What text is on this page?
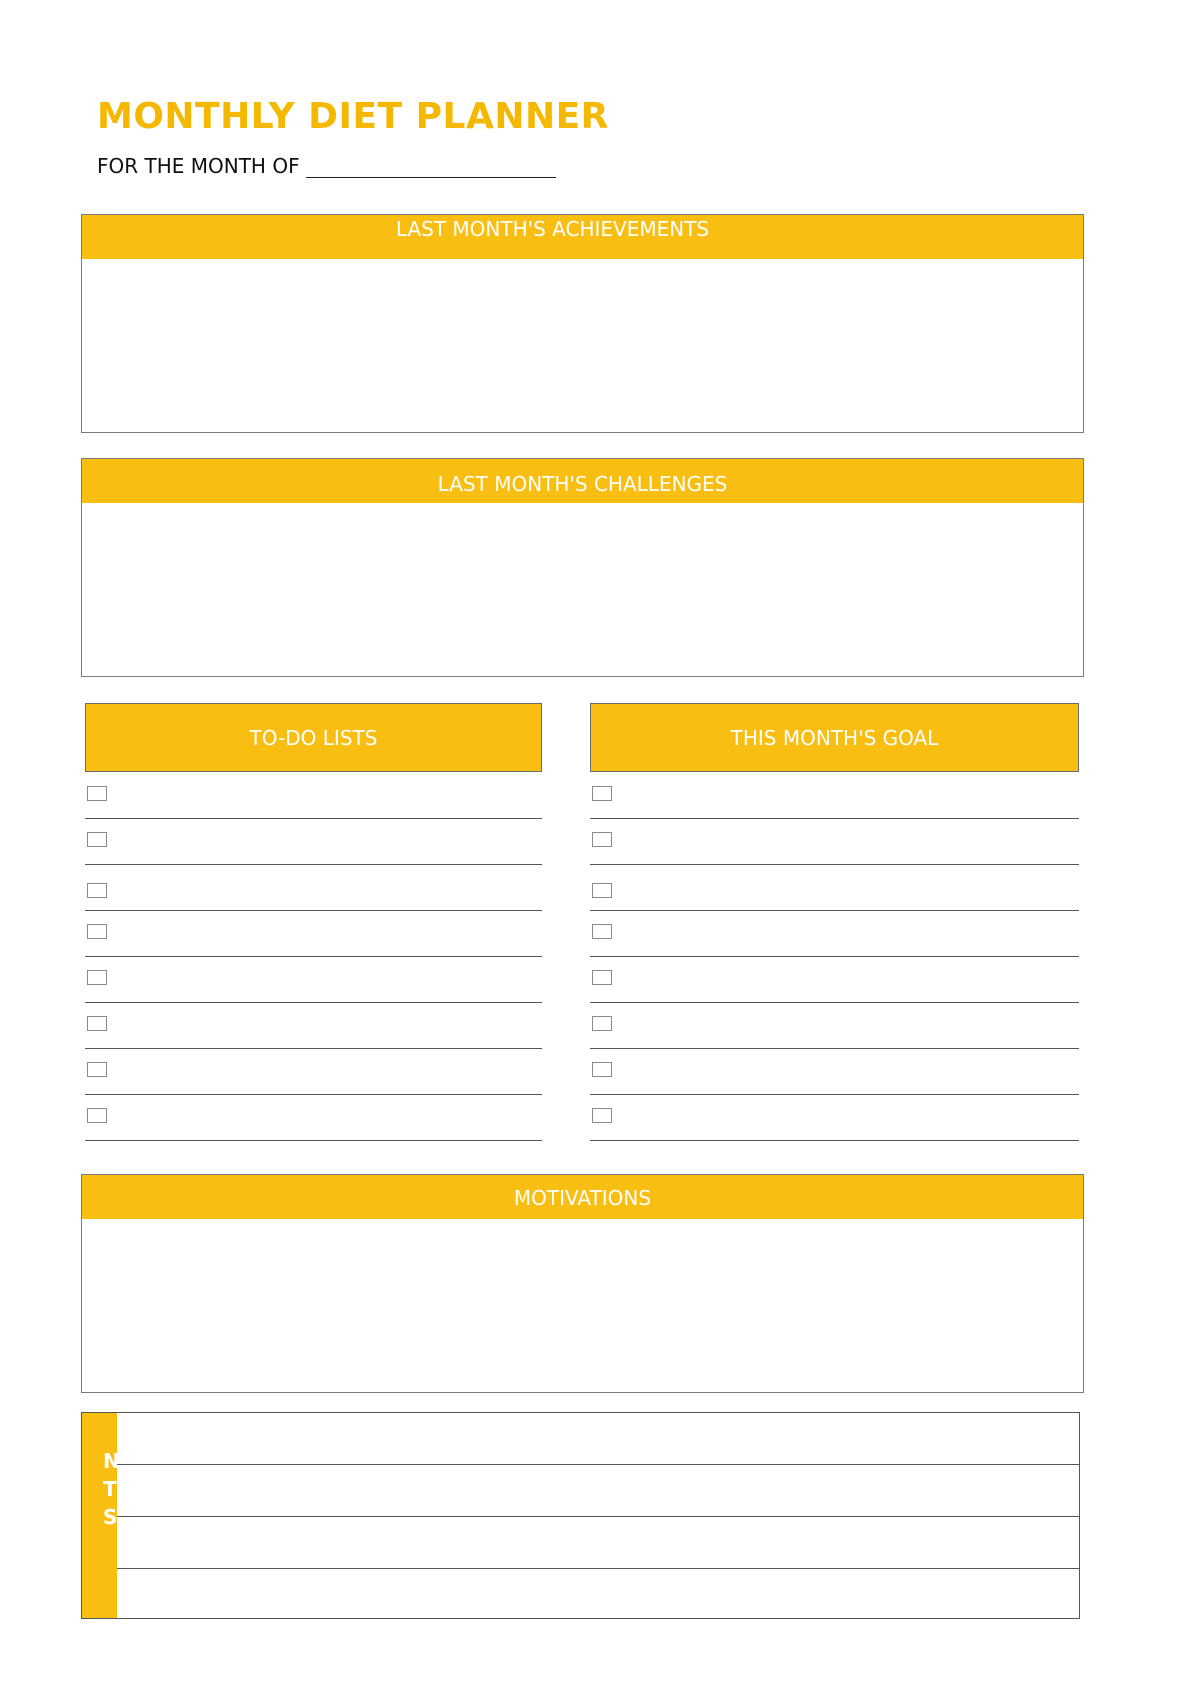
MONTHLY DIET PLANNER
FOR THE MONTH OF
LAST MONTH'S ACHIEVEMENTS
LAST MONTH'S CHALLENGES
TO-DO LISTS	THIS MONTH'S GOAL
MOTIVATIONS
N
T
S
